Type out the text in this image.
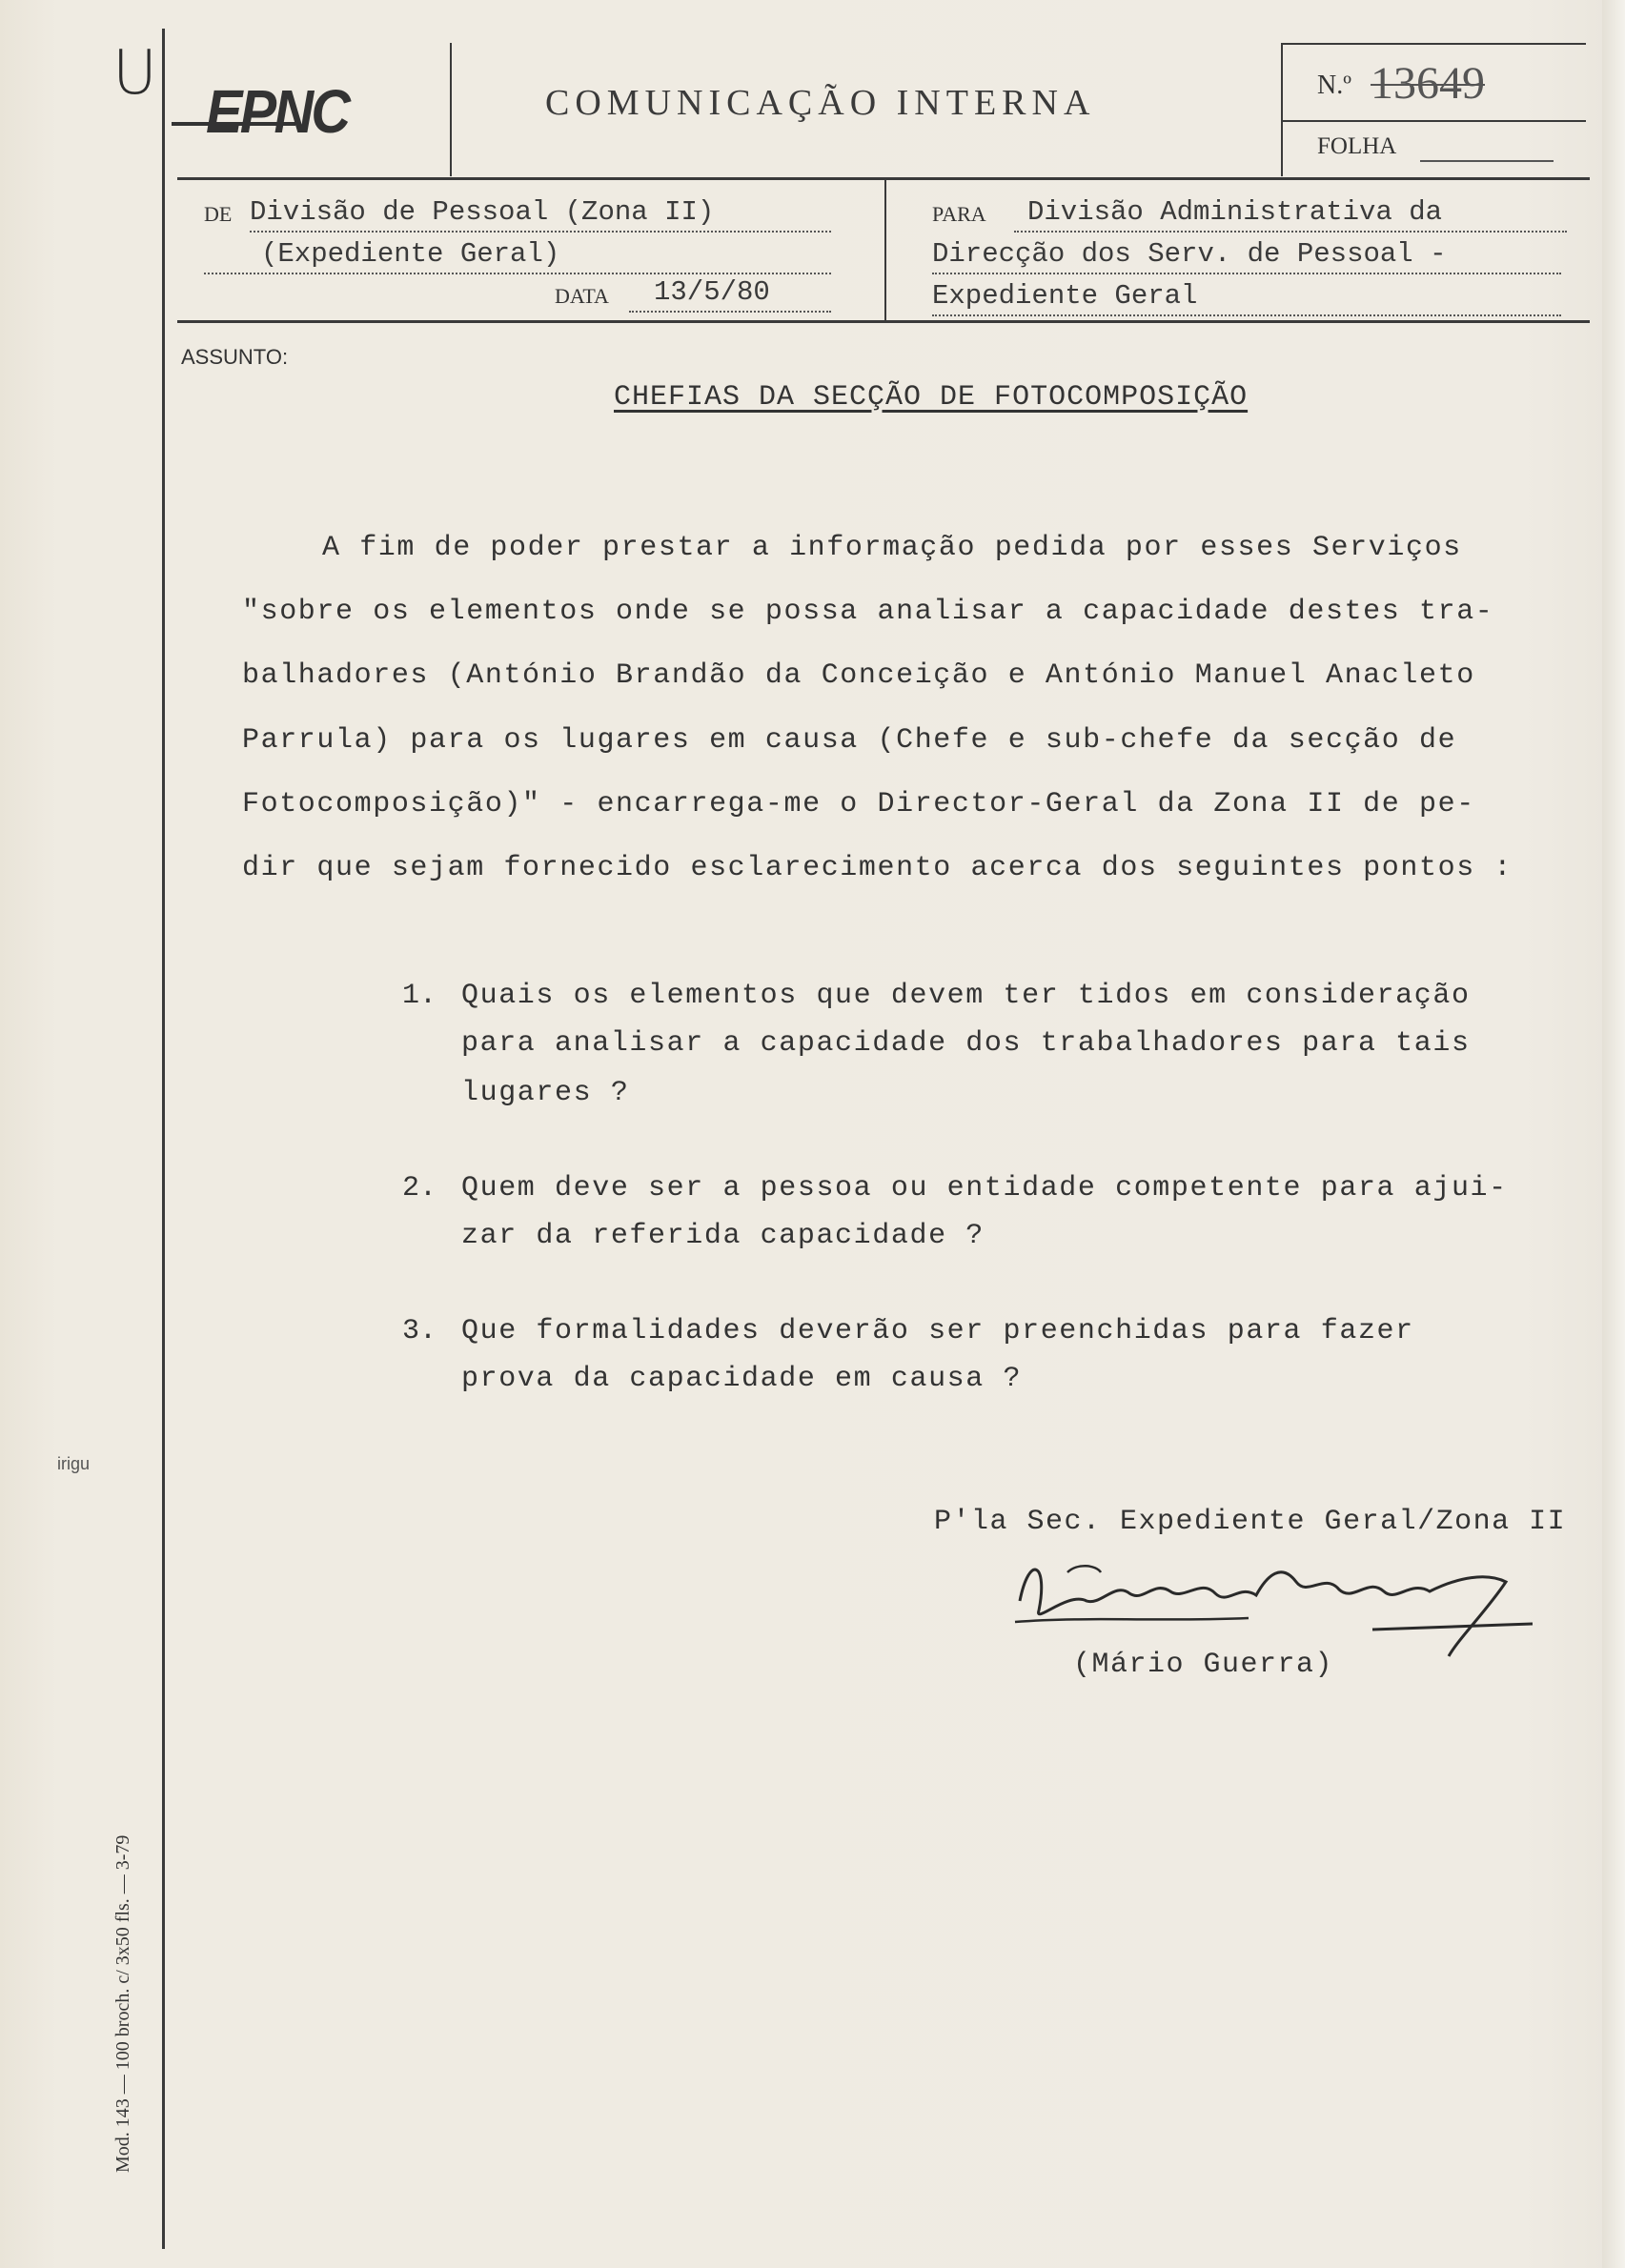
U
EPNC	COMUNICAÇÃO INTERNA	N.º 13649
FOLHA
DE Divisão de Pessoal (Zona II)
(Expediente Geral)
DATA	13/5/80
PARA	Divisão Administrativa da
Direcção dos Serv. de Pessoal -
Expediente Geral
ASSUNTO:
CHEFIAS DA SECÇÃO DE FOTOCOMPOSIÇÃO
A fim de poder prestar a informação pedida por esses Serviços
"sobre os elementos onde se possa analisar a capacidade destes tra-
balhadores (António Brandão da Conceição e António Manuel Anacleto
Parrula) para os lugares em causa (Chefe e sub-chefe da secção de
Fotocomposição)" - encarrega-me o Director-Geral da Zona II de pe-
dir que sejam fornecido esclarecimento acerca dos seguintes pontos :
1. Quais os elementos que devem ter tidos em consideração
para analisar a capacidade dos trabalhadores para tais
lugares ?
2. Quem deve ser a pessoa ou entidade competente para ajui-
zar da referida capacidade ?
3. Que formalidades deverão ser preenchidas para fazer
prova da capacidade em causa ?
P'la Sec. Expediente Geral/Zona II
(Mário Guerra)
irigu
Mod. 143 — 100 broch. c/ 3x50 fls. — 3-79
